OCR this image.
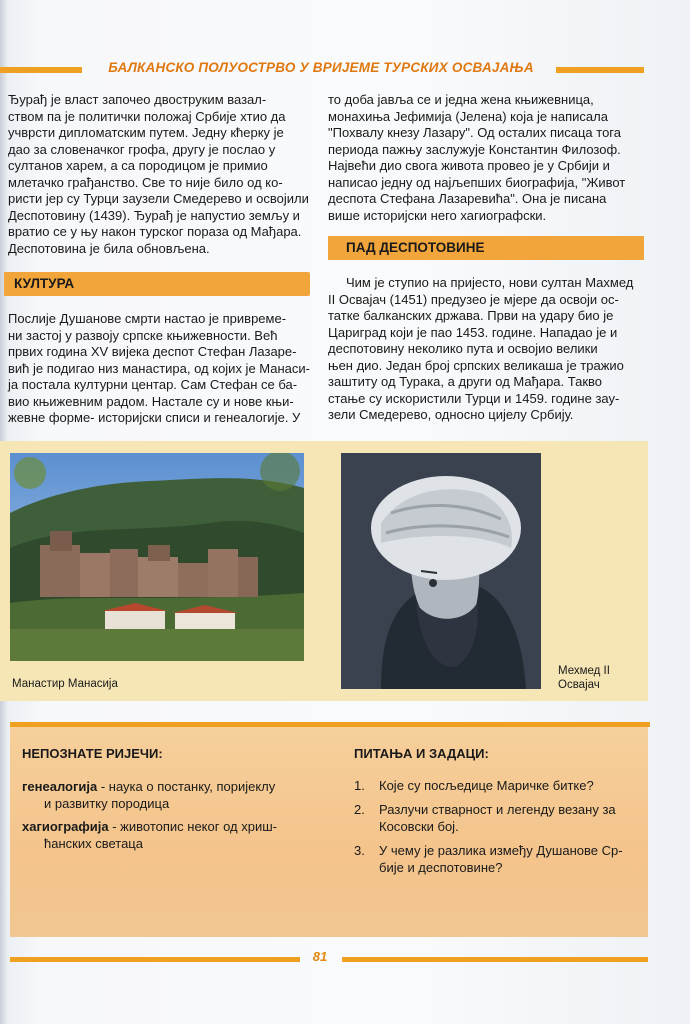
БАЛКАНСКО ПОЛУОСТРВО У ВРИЈЕМЕ ТУРСКИХ ОСВАЈАЊА

Ђурађ је власт започео двоструким вазал-

ством па је политички положај Србије хтио да

учврсти дипломатским путем. Једну кћерку је

дао за словеначког грофа, другу је послао у

султанов харем, а са породицом је примио

млетачко грађанство. Све то није било од ко-

ристи јер су Турци заузели Смедерево и освојили

Деспотовину (1439). Ђурађ је напустио земљу и

вратио се у њу након турског пораза од Мађара.

Деспотовина је била обновљена.

КУЛТУРА

Послије Душанове смрти настао је привреме-

ни застој у развоју српске књижевности. Већ

првих година XV вијека деспот Стефан Лазаре-

вић је подигао низ манастира, од којих је Манаси-

ја постала културни центар. Сам Стефан се ба-

вио књижевним радом. Настале су и нове књи-

жевне форме- историјски списи и генеалогије. У

то доба јавља се и једна жена књижевница,

монахиња Јефимија (Јелена) која је написала

"Похвалу кнезу Лазару". Од осталих писаца тога

периода пажњу заслужује Константин Филозоф.

Највећи дио свога живота провео је у Србији и

написао једну од најљепших биографија, "Живот

деспота Стефана Лазаревића". Она је писана

више историјски него хагиографски.

ПАД ДЕСПОТОВИНЕ

Чим је ступио на пријесто, нови султан Махмед

II Освајач (1451) предузео је мјере да освоји ос-

татке балканских држава. Први на удару био је

Цариград који је пао 1453. године. Нападао је и

деспотовину неколико пута и освојио велики

њен дио. Један број српских великаша је тражио

заштиту од Турака, а други од Мађара. Такво

стање су искористили Турци и 1459. године зау-

зели Смедерево, односно цијелу Србију.

Манастир Манасија
Мехмед II
Освајач
НЕПОЗНАТЕ РИЈЕЧИ:
генеалогија - наука о постанку, поријеклу
и развитку породица
хагиографија - животопис неког од хриш-
ћанских светаца
ПИТАЊА И ЗАДАЦИ:
1. Које су посљедице Маричке битке?
2. Разлучи стварност и легенду везану за
Косовски бој.
3. У чему је разлика између Душанове Ср-
бије и деспотовине?
81
